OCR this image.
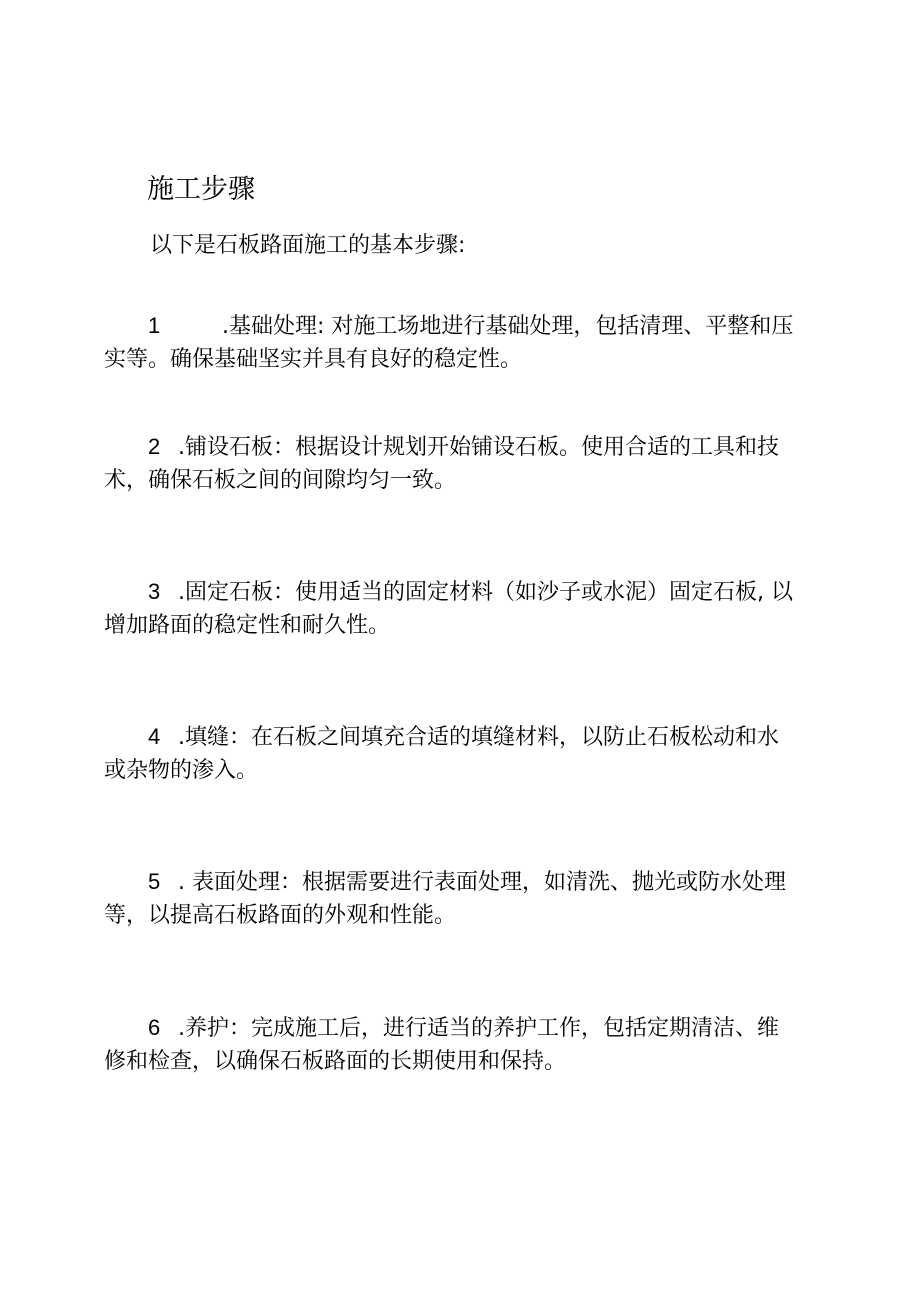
施工步骤

以下是石板路面施工的基本步骤:

1	.基础处理: 对施工场地进行基础处理，包括清理、平整和压
实等。确保基础坚实并具有良好的稳定性。

2 .铺设石板：根据设计规划开始铺设石板。使用合适的工具和技
术，确保石板之间的间隙均匀一致。

3 .固定石板：使用适当的固定材料（如沙子或水泥）固定石板, 以
增加路面的稳定性和耐久性。

4 .填缝：在石板之间填充合适的填缝材料，以防止石板松动和水
或杂物的渗入。

5 . 表面处理：根据需要进行表面处理，如清洗、抛光或防水处理
等，以提高石板路面的外观和性能。

6 .养护：完成施工后，进行适当的养护工作，包括定期清洁、维
修和检查，以确保石板路面的长期使用和保持。
